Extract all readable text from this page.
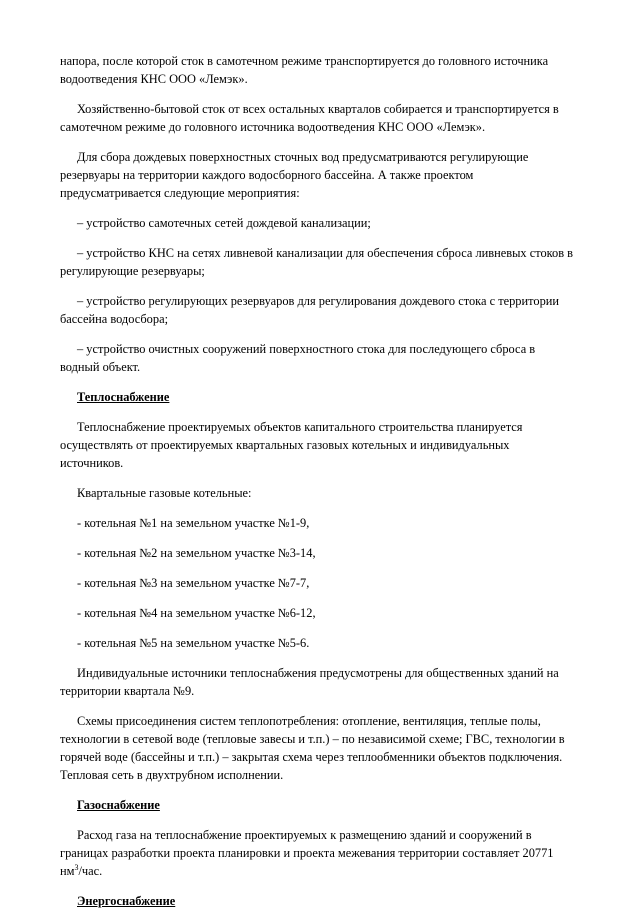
напора, после которой сток в самотечном режиме транспортируется до головного источника
водоотведения КНС ООО «Лемэк».
Хозяйственно-бытовой сток от всех остальных кварталов собирается и транспортируется в
самотечном режиме до головного источника водоотведения КНС ООО «Лемэк».
Для сбора дождевых поверхностных сточных вод предусматриваются регулирующие
резервуары на территории каждого водосборного бассейна. А также проектом
предусматривается следующие мероприятия:
– устройство самотечных сетей дождевой канализации;
– устройство КНС на сетях ливневой канализации для обеспечения сброса ливневых стоков в
регулирующие резервуары;
– устройство регулирующих резервуаров для регулирования дождевого стока с территории
бассейна водосбора;
– устройство очистных сооружений поверхностного стока для последующего сброса в
водный объект.
Теплоснабжение
Теплоснабжение проектируемых объектов капитального строительства планируется
осуществлять от проектируемых квартальных газовых котельных и индивидуальных
источников.
Квартальные газовые котельные:
- котельная №1 на земельном участке №1-9,
- котельная №2 на земельном участке №3-14,
- котельная №3 на земельном участке №7-7,
- котельная №4 на земельном участке №6-12,
- котельная №5 на земельном участке №5-6.
Индивидуальные источники теплоснабжения предусмотрены для общественных зданий на
территории квартала №9.
Схемы присоединения систем теплопотребления: отопление, вентиляция, теплые полы,
технологии в сетевой воде (тепловые завесы и т.п.) – по независимой схеме; ГВС, технологии в
горячей воде (бассейны и т.п.) – закрытая схема через теплообменники объектов подключения.
Тепловая сеть в двухтрубном исполнении.
Газоснабжение
Расход газа на теплоснабжение проектируемых к размещению зданий и сооружений в
границах разработки проекта планировки и проекта межевания территории составляет 20771
$нм^3$/час.
Энергоснабжение
